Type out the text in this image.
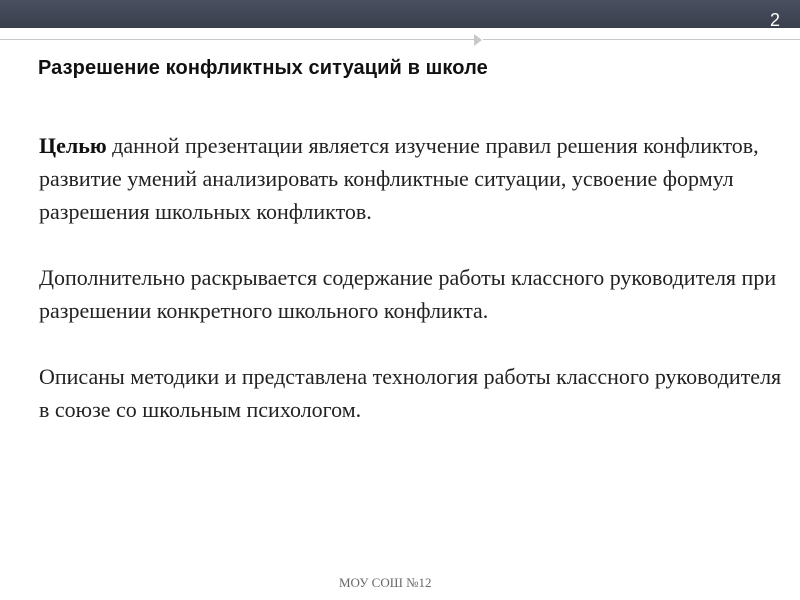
2
Разрешение конфликтных ситуаций в школе

Целью данной презентации является изучение правил решения конфликтов, развитие умений анализировать конфликтные ситуации, усвоение формул разрешения школьных конфликтов.

Дополнительно раскрывается содержание работы классного руководителя при разрешении конкретного школьного конфликта.

Описаны методики и представлена технология работы классного руководителя в союзе со школьным психологом.

МОУ СОШ №12
